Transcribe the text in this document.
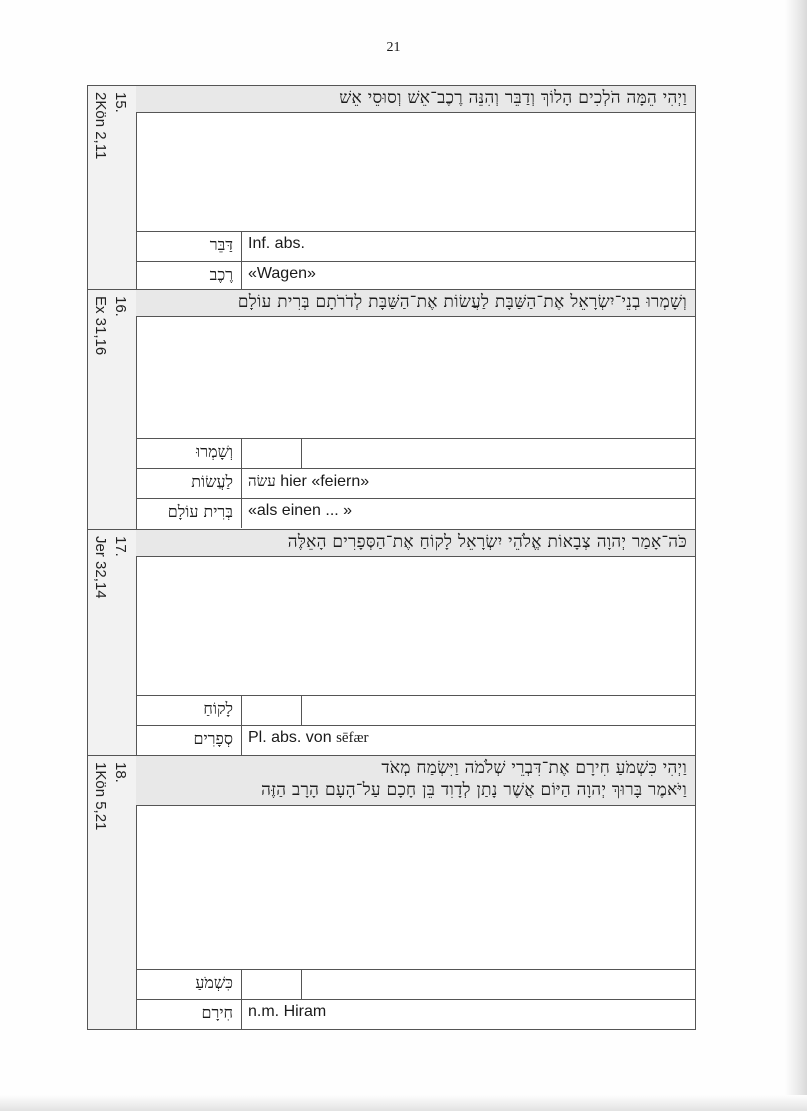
21
15.
2Kön 2,11	וַיְהִי הֵמָּה הֹלְכִים הָלוֹךְ וְדַבֵּר וְהִנֵּה רֶכֶב־אֵשׁ וְסוּסֵי אֵשׁ
דַּבֵּר Inf. abs.
רֶכֶב «Wagen»
16.
Ex 31,16	וְשָׁמְרוּ בְנֵי־יִשְׂרָאֵל אֶת־הַשַּׁבָּת לַעֲשׂוֹת אֶת־הַשַּׁבָּת לְדֹרֹתָם בְּרִית עוֹלָם
וְשָׁמְרוּ
לַעֲשׂוֹת	עשׂה hier «feiern»
בְּרִית עוֹלָם «als einen ... »
17.
Jer 32,14	כֹּה־אָמַר יְהוָה צְבָאוֹת אֱלֹהֵי יִשְׂרָאֵל לָקוֹחַ אֶת־הַסְּפָרִים הָאֵלֶּה
לָקוֹחַ
סְפָרִים Pl. abs. von sēfær
18.
1Kön 5,21	וַיְהִי כִּשְׁמֹעַ חִירָם אֶת־דִּבְרֵי שְׁלֹמֹה וַיִּשְׂמַח מְאֹד
וַיֹּאמֶר בָּרוּךְ יְהוָה הַיּוֹם אֲשֶׁר נָתַן לְדָוִד בֵּן חָכָם עַל־הָעָם הָרָב הַזֶּה
כִּשְׁמֹעַ
חִירָם n.m. Hiram
